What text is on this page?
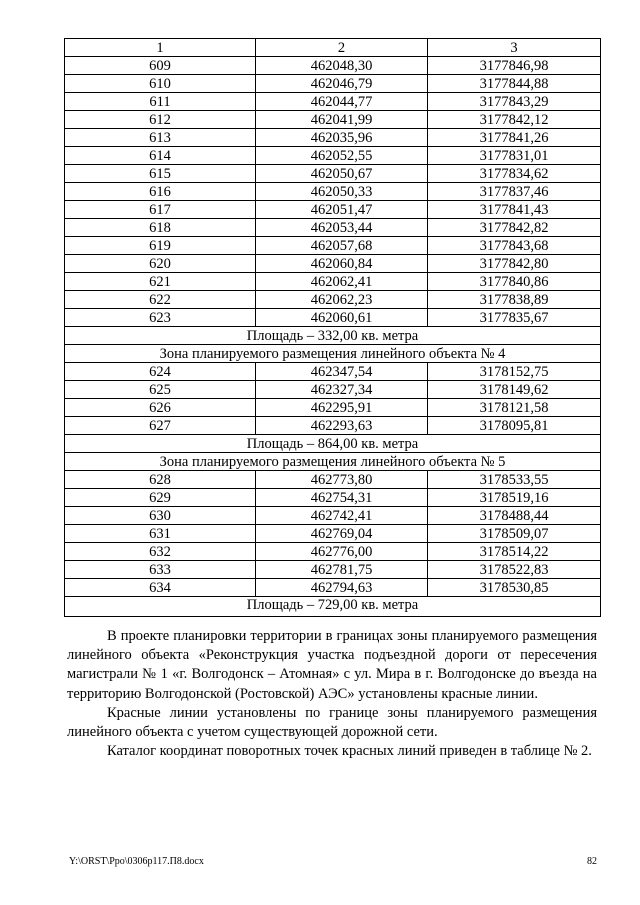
1	2	3
609	462048,30	3177846,98
610	462046,79	3177844,88
611	462044,77	3177843,29
612	462041,99	3177842,12
613	462035,96	3177841,26
614	462052,55	3177831,01
615	462050,67	3177834,62
616	462050,33	3177837,46
617	462051,47	3177841,43
618	462053,44	3177842,82
619	462057,68	3177843,68
620	462060,84	3177842,80
621	462062,41	3177840,86
622	462062,23	3177838,89
623	462060,61	3177835,67
Площадь – 332,00 кв. метра		
Зона планируемого размещения линейного объекта № 4		
624	462347,54	3178152,75
625	462327,34	3178149,62
626	462295,91	3178121,58
627	462293,63	3178095,81
Площадь – 864,00 кв. метра		
Зона планируемого размещения линейного объекта № 5		
628	462773,80	3178533,55
629	462754,31	3178519,16
630	462742,41	3178488,44
631	462769,04	3178509,07
632	462776,00	3178514,22
633	462781,75	3178522,83
634	462794,63	3178530,85
Площадь – 729,00 кв. метра		

В проекте планировки территории в границах зоны планируемого размещения линейного объекта «Реконструкция участка подъездной дороги от пересечения магистрали № 1 «г. Волгодонск – Атомная» с ул. Мира в г. Волгодонске до въезда на территорию Волгодонской (Ростовской) АЭС» установлены красные линии.

Красные линии установлены по границе зоны планируемого размещения линейного объекта с учетом существующей дорожной сети.

Каталог координат поворотных точек красных линий приведен в таблице № 2.

Y:\ORST\Ppo\0306p117.П8.docx	82
